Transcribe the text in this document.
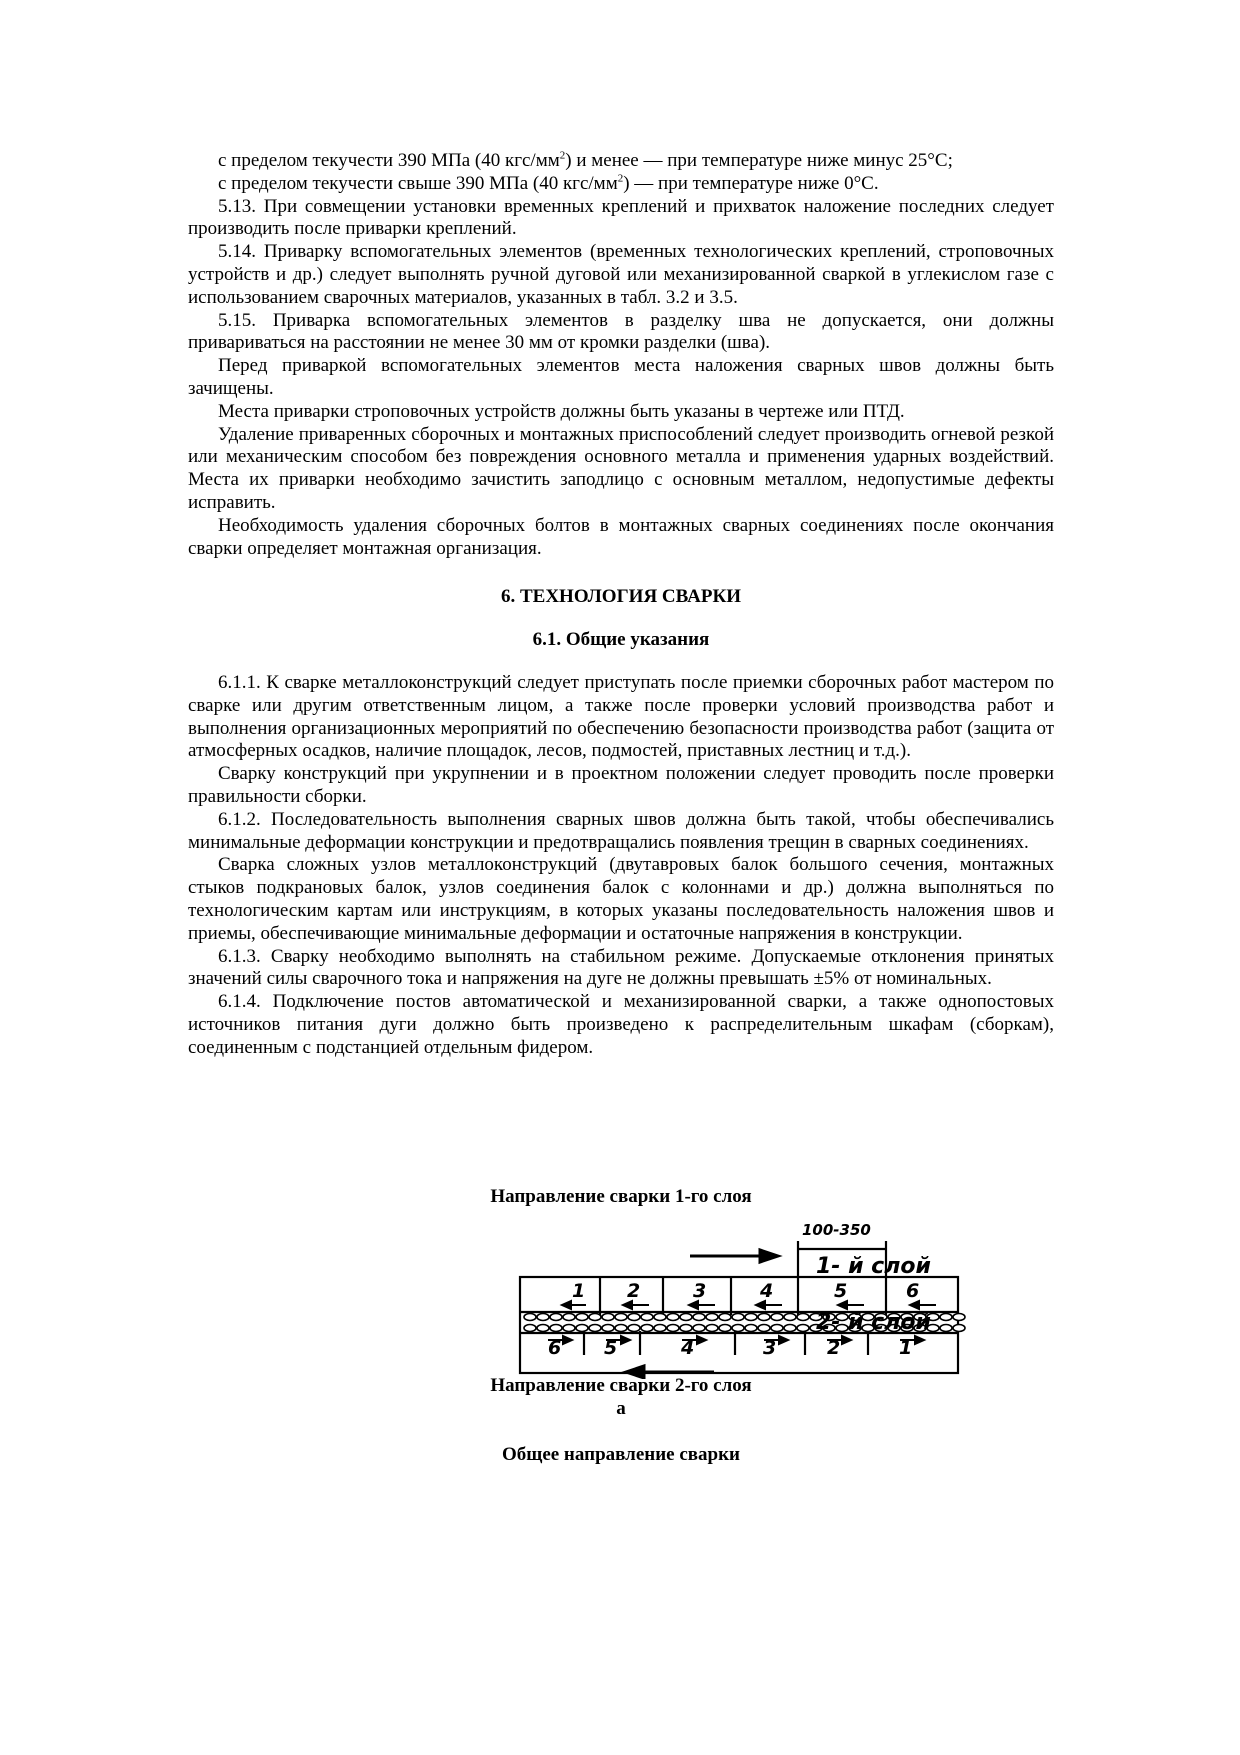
с пределом текучести 390 МПа (40 кгс/$мм^2$) и менее — при температуре ниже минус 25°С;

с пределом текучести свыше 390 МПа (40 кгс/$мм^2$) — при температуре ниже 0°С.

5.13. При совмещении установки временных креплений и прихваток наложение последних следует производить после приварки креплений.

5.14. Приварку вспомогательных элементов (временных технологических креплений, строповочных устройств и др.) следует выполнять ручной дуговой или механизированной сваркой в углекислом газе с использованием сварочных материалов, указанных в табл. 3.2 и 3.5.

5.15. Приварка вспомогательных элементов в разделку шва не допускается, они должны привариваться на расстоянии не менее 30 мм от кромки разделки (шва).

Перед приваркой вспомогательных элементов места наложения сварных швов должны быть зачищены.

Места приварки строповочных устройств должны быть указаны в чертеже или ПТД.

Удаление приваренных сборочных и монтажных приспособлений следует производить огневой резкой или механическим способом без повреждения основного металла и применения ударных воздействий. Места их приварки необходимо зачистить заподлицо с основным металлом, недопустимые дефекты исправить.

Необходимость удаления сборочных болтов в монтажных сварных соединениях после окончания сварки определяет монтажная организация.

6. ТЕХНОЛОГИЯ СВАРКИ
6.1. Общие указания

6.1.1. К сварке металлоконструкций следует приступать после приемки сборочных работ мастером по сварке или другим ответственным лицом, а также после проверки условий производства работ и выполнения организационных мероприятий по обеспечению безопасности производства работ (защита от атмосферных осадков, наличие площадок, лесов, подмостей, приставных лестниц и т.д.).

Сварку конструкций при укрупнении и в проектном положении следует проводить после проверки правильности сборки.

6.1.2. Последовательность выполнения сварных швов должна быть такой, чтобы обеспечивались минимальные деформации конструкции и предотвращались появления трещин в сварных соединениях.

Сварка сложных узлов металлоконструкций (двутавровых балок большого сечения, монтажных стыков подкрановых балок, узлов соединения балок с колоннами и др.) должна выполняться по технологическим картам или инструкциям, в которых указаны последовательность наложения швов и приемы, обеспечивающие минимальные деформации и остаточные напряжения в конструкции.

6.1.3. Сварку необходимо выполнять на стабильном режиме. Допускаемые отклонения принятых значений силы сварочного тока и напряжения на дуге не должны превышать ±5% от номинальных.

6.1.4. Подключение постов автоматической и механизированной сварки, а также однопостовых источников питания дуги должно быть произведено к распределительным шкафам (сборкам), соединенным с подстанцией отдельным фидером.

Направление сварки 1-го слоя
100-350
1 2	3	4	5	6
6 5	4	3	2	1
1- й слой
2- й слой
Направление сварки 2-го слоя
а
Общее направление сварки
